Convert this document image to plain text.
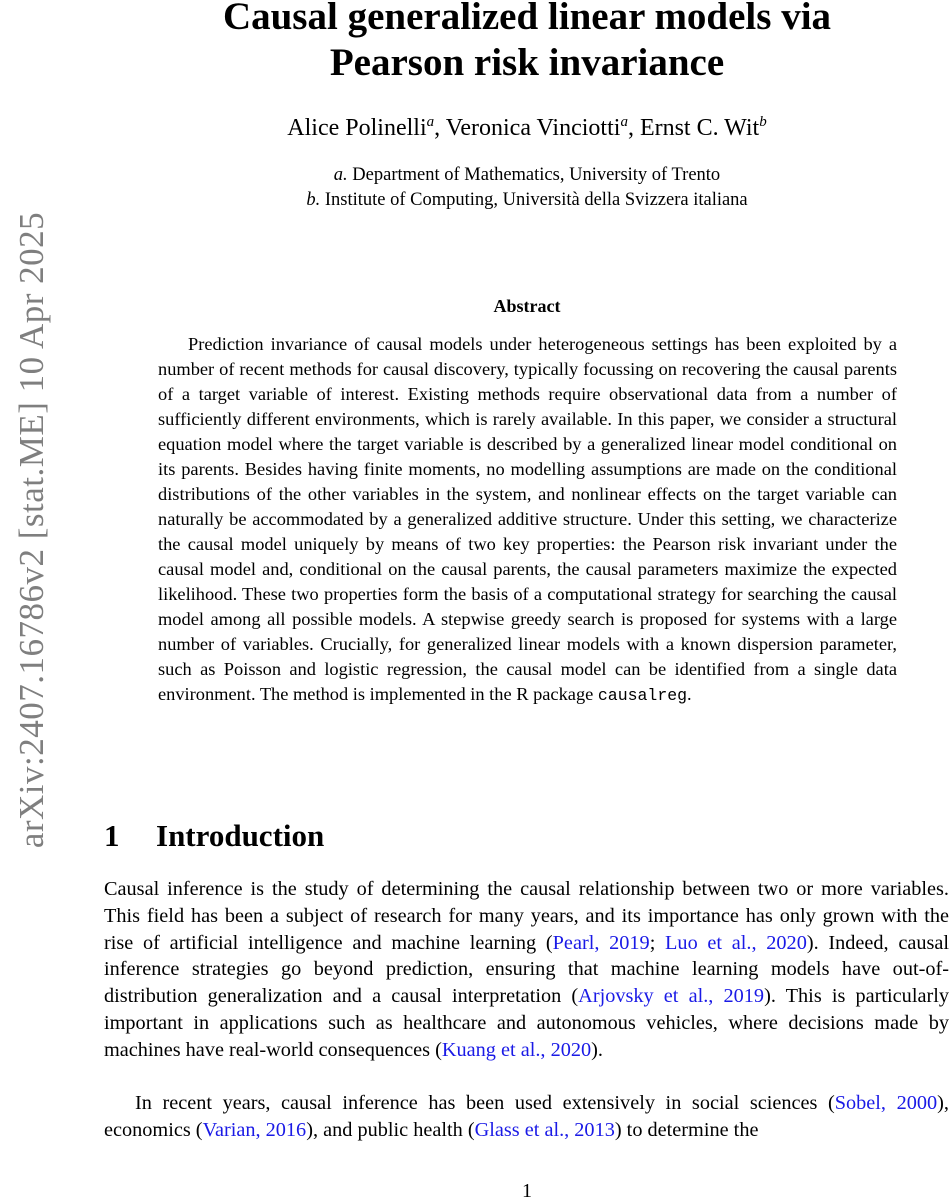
arXiv:2407.16786v2 [stat.ME] 10 Apr 2025
Causal generalized linear models via
Pearson risk invariance
Alice Polinelli$^a$, Veronica Vinciotti$^a$, Ernst C. Wit$^b$
a. Department of Mathematics, University of Trento
b. Institute of Computing, Università della Svizzera italiana
Abstract

Prediction invariance of causal models under heterogeneous settings has been exploited by a number of recent methods for causal discovery, typically focussing on recovering the causal parents of a target variable of interest. Existing methods require observational data from a number of sufficiently different environments, which is rarely available. In this paper, we consider a structural equation model where the target variable is described by a generalized linear model conditional on its parents. Besides having finite moments, no modelling assumptions are made on the conditional distributions of the other variables in the system, and nonlinear effects on the target variable can naturally be accommodated by a generalized additive structure. Under this setting, we characterize the causal model uniquely by means of two key properties: the Pearson risk invariant under the causal model and, conditional on the causal parents, the causal parameters maximize the expected likelihood. These two properties form the basis of a computational strategy for searching the causal model among all possible models. A stepwise greedy search is proposed for systems with a large number of variables. Crucially, for generalized linear models with a known dispersion parameter, such as Poisson and logistic regression, the causal model can be identified from a single data environment. The method is implemented in the R package causalreg.

1 Introduction

Causal inference is the study of determining the causal relationship between two or more variables. This field has been a subject of research for many years, and its importance has only grown with the rise of artificial intelligence and machine learning (Pearl, 2019; Luo et al., 2020). Indeed, causal inference strategies go beyond prediction, ensuring that machine learning models have out-of-distribution generalization and a causal interpretation (Arjovsky et al., 2019). This is particularly important in applications such as healthcare and autonomous vehicles, where decisions made by machines have real-world consequences (Kuang et al., 2020).

In recent years, causal inference has been used extensively in social sciences (Sobel, 2000), economics (Varian, 2016), and public health (Glass et al., 2013) to determine the

1
